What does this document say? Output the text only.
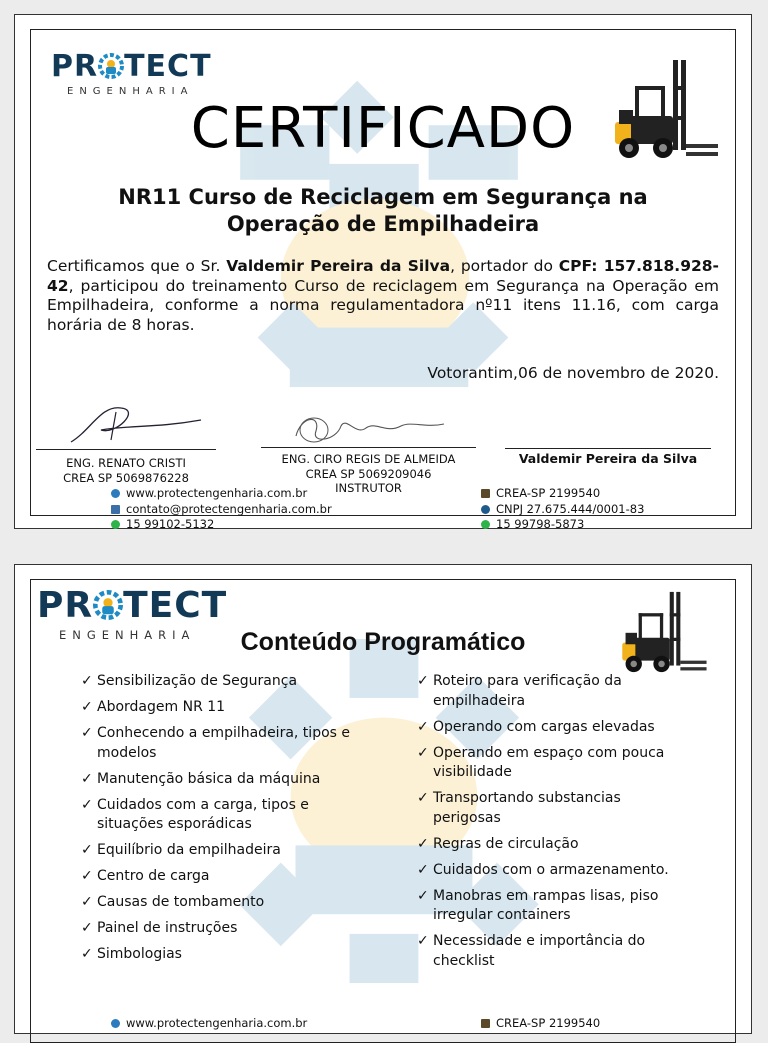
PR TECT
ENGENHARIA
CERTIFICADO
NR11 Curso de Reciclagem em Segurança na
Operação de Empilhadeira
Certificamos que o Sr. Valdemir Pereira da Silva, portador do CPF: 157.818.928-42, participou do treinamento Curso de reciclagem em Segurança na Operação em Empilhadeira, conforme a norma regulamentadora nº11 itens 11.16, com carga horária de 8 horas.
Votorantim,06 de novembro de 2020.
ENG. RENATO CRISTI
CREA SP 5069876228
ENG. CIRO REGIS DE ALMEIDA
CREA SP 5069209046
INSTRUTOR
Valdemir Pereira da Silva
www.protectengenharia.com.br
contato@protectengenharia.com.br
15 99102-5132
CREA-SP 2199540
CNPJ 27.675.444/0001-83
15 99798-5873
PR TECT
ENGENHARIA	Conteúdo Programático
✓ Sensibilização de Segurança
✓ Abordagem NR 11
✓ Conhecendo a empilhadeira, tipos e modelos
✓ Manutenção básica da máquina
✓ Cuidados com a carga, tipos e situações esporádicas
✓ Equilíbrio da empilhadeira
✓ Centro de carga
✓ Causas de tombamento
✓ Painel de instruções
✓ Simbologias
✓ Roteiro para verificação da empilhadeira
✓ Operando com cargas elevadas
✓ Operando em espaço com pouca visibilidade
✓ Transportando substancias perigosas
✓ Regras de circulação
✓ Cuidados com o armazenamento.
✓ Manobras em rampas lisas, piso irregular containers
✓ Necessidade e importância do checklist
www.protectengenharia.com.br	CREA-SP 2199540
